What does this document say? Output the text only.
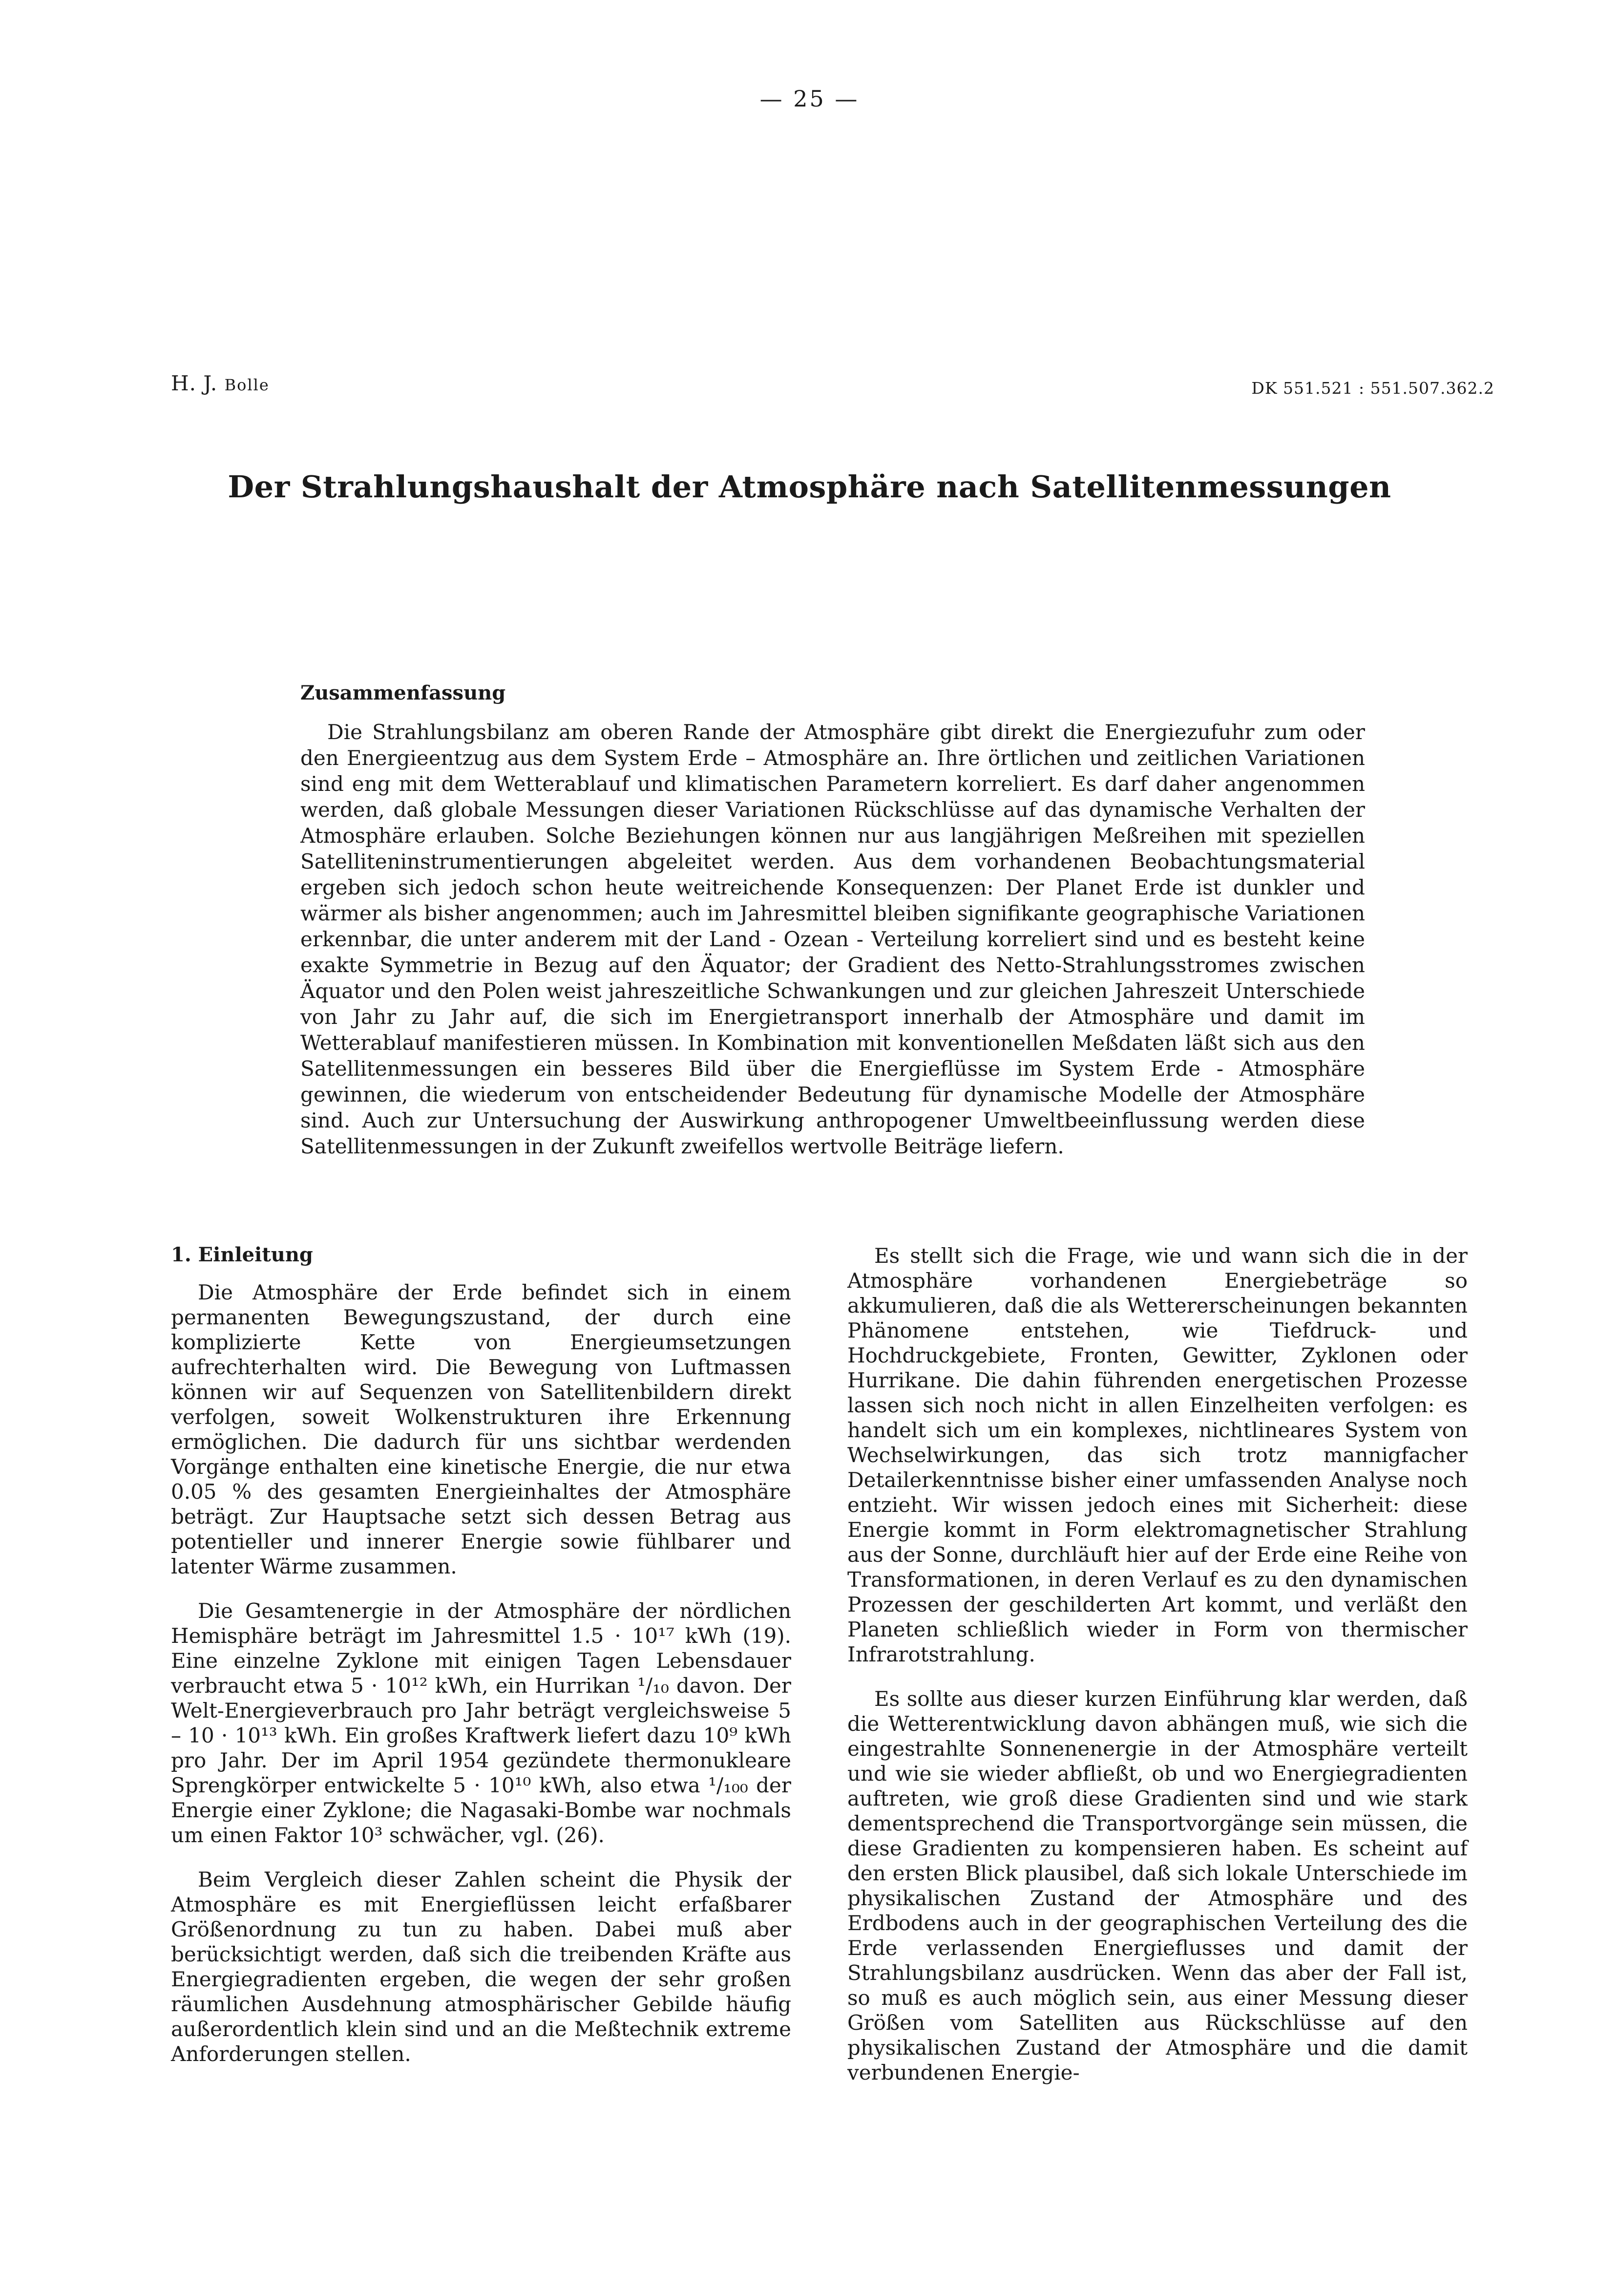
— 25 —
H. J. Bolle	DK 551.521 : 551.507.362.2
Der Strahlungshaushalt der Atmosphäre nach Satellitenmessungen
Zusammenfassung

Die Strahlungsbilanz am oberen Rande der Atmosphäre gibt direkt die Energiezufuhr zum oder den Energieentzug aus dem System Erde – Atmosphäre an. Ihre örtlichen und zeitlichen Variationen sind eng mit dem Wetterablauf und klimatischen Parametern korreliert. Es darf daher angenommen werden, daß globale Messungen dieser Variationen Rückschlüsse auf das dynamische Verhalten der Atmosphäre erlauben. Solche Beziehungen können nur aus langjährigen Meßreihen mit speziellen Satelliteninstrumentierungen abgeleitet werden. Aus dem vorhandenen Beobachtungsmaterial ergeben sich jedoch schon heute weitreichende Konsequenzen: Der Planet Erde ist dunkler und wärmer als bisher angenommen; auch im Jahresmittel bleiben signifikante geographische Variationen erkennbar, die unter anderem mit der Land - Ozean - Verteilung korreliert sind und es besteht keine exakte Symmetrie in Bezug auf den Äquator; der Gradient des Netto-Strahlungsstromes zwischen Äquator und den Polen weist jahreszeitliche Schwankungen und zur gleichen Jahreszeit Unterschiede von Jahr zu Jahr auf, die sich im Energietransport innerhalb der Atmosphäre und damit im Wetterablauf manifestieren müssen. In Kombination mit konventionellen Meßdaten läßt sich aus den Satellitenmessungen ein besseres Bild über die Energieflüsse im System Erde - Atmosphäre gewinnen, die wiederum von entscheidender Bedeutung für dynamische Modelle der Atmosphäre sind. Auch zur Untersuchung der Auswirkung anthropogener Umweltbeeinflussung werden diese Satellitenmessungen in der Zukunft zweifellos wertvolle Beiträge liefern.

1. Einleitung

Die Atmosphäre der Erde befindet sich in einem permanenten Bewegungszustand, der durch eine komplizierte Kette von Energieumsetzungen aufrechterhalten wird. Die Bewegung von Luftmassen können wir auf Sequenzen von Satellitenbildern direkt verfolgen, soweit Wolkenstrukturen ihre Erkennung ermöglichen. Die dadurch für uns sichtbar werdenden Vorgänge enthalten eine kinetische Energie, die nur etwa 0.05 % des gesamten Energieinhaltes der Atmosphäre beträgt. Zur Hauptsache setzt sich dessen Betrag aus potentieller und innerer Energie sowie fühlbarer und latenter Wärme zusammen.

Die Gesamtenergie in der Atmosphäre der nördlichen Hemisphäre beträgt im Jahresmittel 1.5 · 10¹⁷ kWh (19). Eine einzelne Zyklone mit einigen Tagen Lebensdauer verbraucht etwa 5 · 10¹² kWh, ein Hurrikan ¹/₁₀ davon. Der Welt-Energieverbrauch pro Jahr beträgt vergleichsweise 5 – 10 · 10¹³ kWh. Ein großes Kraftwerk liefert dazu 10⁹ kWh pro Jahr. Der im April 1954 gezündete thermonukleare Sprengkörper entwickelte 5 · 10¹⁰ kWh, also etwa ¹/₁₀₀ der Energie einer Zyklone; die Nagasaki-Bombe war nochmals um einen Faktor 10³ schwächer, vgl. (26).

Beim Vergleich dieser Zahlen scheint die Physik der Atmosphäre es mit Energieflüssen leicht erfaßbarer Größenordnung zu tun zu haben. Dabei muß aber berücksichtigt werden, daß sich die treibenden Kräfte aus Energiegradienten ergeben, die wegen der sehr großen räumlichen Ausdehnung atmosphärischer Gebilde häufig außerordentlich klein sind und an die Meßtechnik extreme Anforderungen stellen.

Es stellt sich die Frage, wie und wann sich die in der Atmosphäre vorhandenen Energiebeträge so akkumulieren, daß die als Wettererscheinungen bekannten Phänomene entstehen, wie Tiefdruck- und Hochdruckgebiete, Fronten, Gewitter, Zyklonen oder Hurrikane. Die dahin führenden energetischen Prozesse lassen sich noch nicht in allen Einzelheiten verfolgen: es handelt sich um ein komplexes, nichtlineares System von Wechselwirkungen, das sich trotz mannigfacher Detailerkenntnisse bisher einer umfassenden Analyse noch entzieht. Wir wissen jedoch eines mit Sicherheit: diese Energie kommt in Form elektromagnetischer Strahlung aus der Sonne, durchläuft hier auf der Erde eine Reihe von Transformationen, in deren Verlauf es zu den dynamischen Prozessen der geschilderten Art kommt, und verläßt den Planeten schließlich wieder in Form von thermischer Infrarotstrahlung.

Es sollte aus dieser kurzen Einführung klar werden, daß die Wetterentwicklung davon abhängen muß, wie sich die eingestrahlte Sonnenenergie in der Atmosphäre verteilt und wie sie wieder abfließt, ob und wo Energiegradienten auftreten, wie groß diese Gradienten sind und wie stark dementsprechend die Transportvorgänge sein müssen, die diese Gradienten zu kompensieren haben. Es scheint auf den ersten Blick plausibel, daß sich lokale Unterschiede im physikalischen Zustand der Atmosphäre und des Erdbodens auch in der geographischen Verteilung des die Erde verlassenden Energieflusses und damit der Strahlungsbilanz ausdrücken. Wenn das aber der Fall ist, so muß es auch möglich sein, aus einer Messung dieser Größen vom Satelliten aus Rückschlüsse auf den physikalischen Zustand der Atmosphäre und die damit verbundenen Energie-
